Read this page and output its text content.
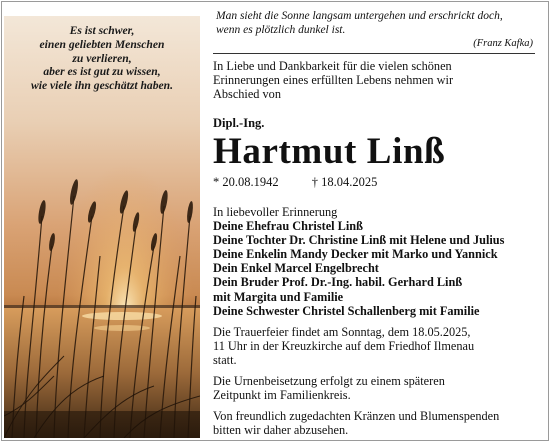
Es ist schwer,
einen geliebten Menschen
zu verlieren,
aber es ist gut zu wissen,
wie viele ihn geschätzt haben.
Man sieht die Sonne langsam untergehen und erschrickt doch,
wenn es plötzlich dunkel ist.
(Franz Kafka)
In Liebe und Dankbarkeit für die vielen schönen
Erinnerungen eines erfüllten Lebens nehmen wir
Abschied von
Dipl.-Ing.
Hartmut Linß
* 20.08.1942	† 18.04.2025
In liebevoller Erinnerung
Deine Ehefrau Christel Linß
Deine Tochter Dr. Christine Linß mit Helene und Julius
Deine Enkelin Mandy Decker mit Marko und Yannick
Dein Enkel Marcel Engelbrecht
Dein Bruder Prof. Dr.-Ing. habil. Gerhard Linß
mit Margita und Familie
Deine Schwester Christel Schallenberg mit Familie
Die Trauerfeier findet am Sonntag, dem 18.05.2025,
11 Uhr in der Kreuzkirche auf dem Friedhof Ilmenau
statt.
Die Urnenbeisetzung erfolgt zu einem späteren
Zeitpunkt im Familienkreis.
Von freundlich zugedachten Kränzen und Blumenspenden
bitten wir daher abzusehen.
